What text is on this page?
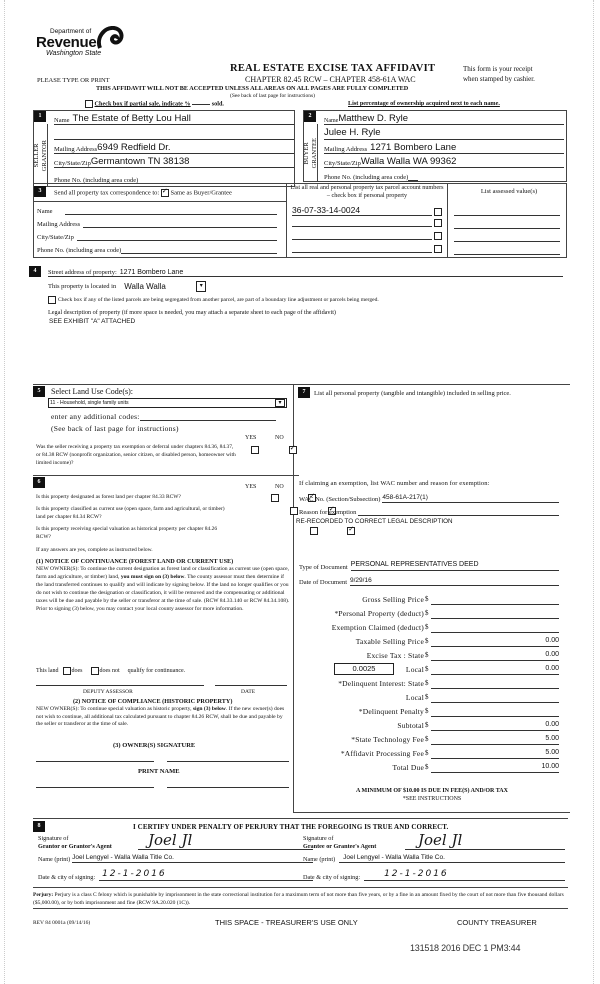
Department of
Revenue
Washington State
REAL ESTATE EXCISE TAX AFFIDAVIT
PLEASE TYPE OR PRINT	CHAPTER 82.45 RCW – CHAPTER 458-61A WAC
This form is your receipt
when stamped by cashier.
THIS AFFIDAVIT WILL NOT BE ACCEPTED UNLESS ALL AREAS ON ALL PAGES ARE FULLY COMPLETED
(See back of last page for instructions)
Check box if partial sale, indicate %	sold.	List percentage of ownership acquired next to each name.
1
SELLER
GRANTOR
Name The Estate of Betty Lou Hall
Mailing Address 6949 Redfield Dr.
City/State/Zip Germantown TN 38138
Phone No. (including area code)
2
BUYER
GRANTEE
Name Matthew D. Ryle
Julee H. Ryle
Mailing Address 1271 Bombero Lane
City/State/Zip Walla Walla WA 99362
Phone No. (including area code)
3	Send all property tax correspondence to: ✓ Same as Buyer/Grantee
Name
Mailing Address
City/State/Zip
Phone No. (including area code)
List all real and personal property tax parcel account numbers – check box if personal property
36-07-33-14-0024
List assessed value(s)
4	Street address of property: 1271 Bombero Lane
This property is located in Walla Walla	▾
Check box if any of the listed parcels are being segregated from another parcel, are part of a boundary line adjustment or parcels being merged.
Legal description of property (if more space is needed, you may attach a separate sheet to each page of the affidavit)
SEE EXHIBIT "A" ATTACHED
5	Select Land Use Code(s):
11 - Household, single family units	▾
enter any additional codes:
(See back of last page for instructions)
YES	NO
Was the seller receiving a property tax exemption or deferral under chapters 84.36, 84.37, or 84.38 RCW (nonprofit organization, senior citizen, or disabled person, homeowner with limited income)?
✓
6
YES	NO
Is this property designated as forest land per chapter 84.33 RCW?
✓
Is this property classified as current use (open space, farm and agricultural, or timber) land per chapter 84.34 RCW?
✓
Is this property receiving special valuation as historical property per chapter 84.26 RCW?
✓
If any answers are yes, complete as instructed below.
(1) NOTICE OF CONTINUANCE (FOREST LAND OR CURRENT USE)
NEW OWNER(S): To continue the current designation as forest land or classification as current use (open space, farm and agriculture, or timber) land, you must sign on (3) below. The county assessor must then determine if the land transferred continues to qualify and will indicate by signing below. If the land no longer qualifies or you do not wish to continue the designation or classification, it will be removed and the compensating or additional taxes will be due and payable by the seller or transferor at the time of sale. (RCW 84.33.140 or RCW 84.34.108). Prior to signing (3) below, you may contact your local county assessor for more information.
This land does	does not qualify for continuance.
DEPUTY ASSESSOR	DATE
(2) NOTICE OF COMPLIANCE (HISTORIC PROPERTY)
NEW OWNER(S): To continue special valuation as historic property, sign (3) below. If the new owner(s) does not wish to continue, all additional tax calculated pursuant to chapter 84.26 RCW, shall be due and payable by the seller or transferor at the time of sale.
(3) OWNER(S) SIGNATURE
PRINT NAME
7	List all personal property (tangible and intangible) included in selling price.
If claiming an exemption, list WAC number and reason for exemption:
WAC No. (Section/Subsection) 458-61A-217(1)
Reason for exemption
RE-RECORDED TO CORRECT LEGAL DESCRIPTION
Type of Document PERSONAL REPRESENTATIVES DEED
Date of Document 9/29/16
Gross Selling Price $
*Personal Property (deduct) $
Exemption Claimed (deduct) $
Taxable Selling Price $	0.00
Excise Tax : State $	0.00
0.0025	Local $	0.00
*Delinquent Interest: State $
Local $
*Delinquent Penalty $
Subtotal $	0.00
*State Technology Fee $	5.00
*Affidavit Processing Fee $	5.00
Total Due $	10.00
A MINIMUM OF $10.00 IS DUE IN FEE(S) AND/OR TAX
*SEE INSTRUCTIONS
8	I CERTIFY UNDER PENALTY OF PERJURY THAT THE FOREGOING IS TRUE AND CORRECT.
Signature of
Grantor or Grantor's Agent Joel Jl
Name (print) Joel Lengyel - Walla Walla Title Co.
Date & city of signing: 12-1-2016
Signature of
Grantee or Grantee's Agent	Joel Jl
Name (print)	Joel Lengyel - Walla Walla Title Co.
Date & city of signing:	12-1-2016
Perjury: Perjury is a class C felony which is punishable by imprisonment in the state correctional institution for a maximum term of not more than five years, or by a fine in an amount fixed by the court of not more than five thousand dollars ($5,000.00), or by both imprisonment and fine (RCW 9A.20.020 (1C)).
REV 84 0001a (09/14/16)	THIS SPACE - TREASURER'S USE ONLY	COUNTY TREASURER
131518 2016 DEC 1 PM3:44
